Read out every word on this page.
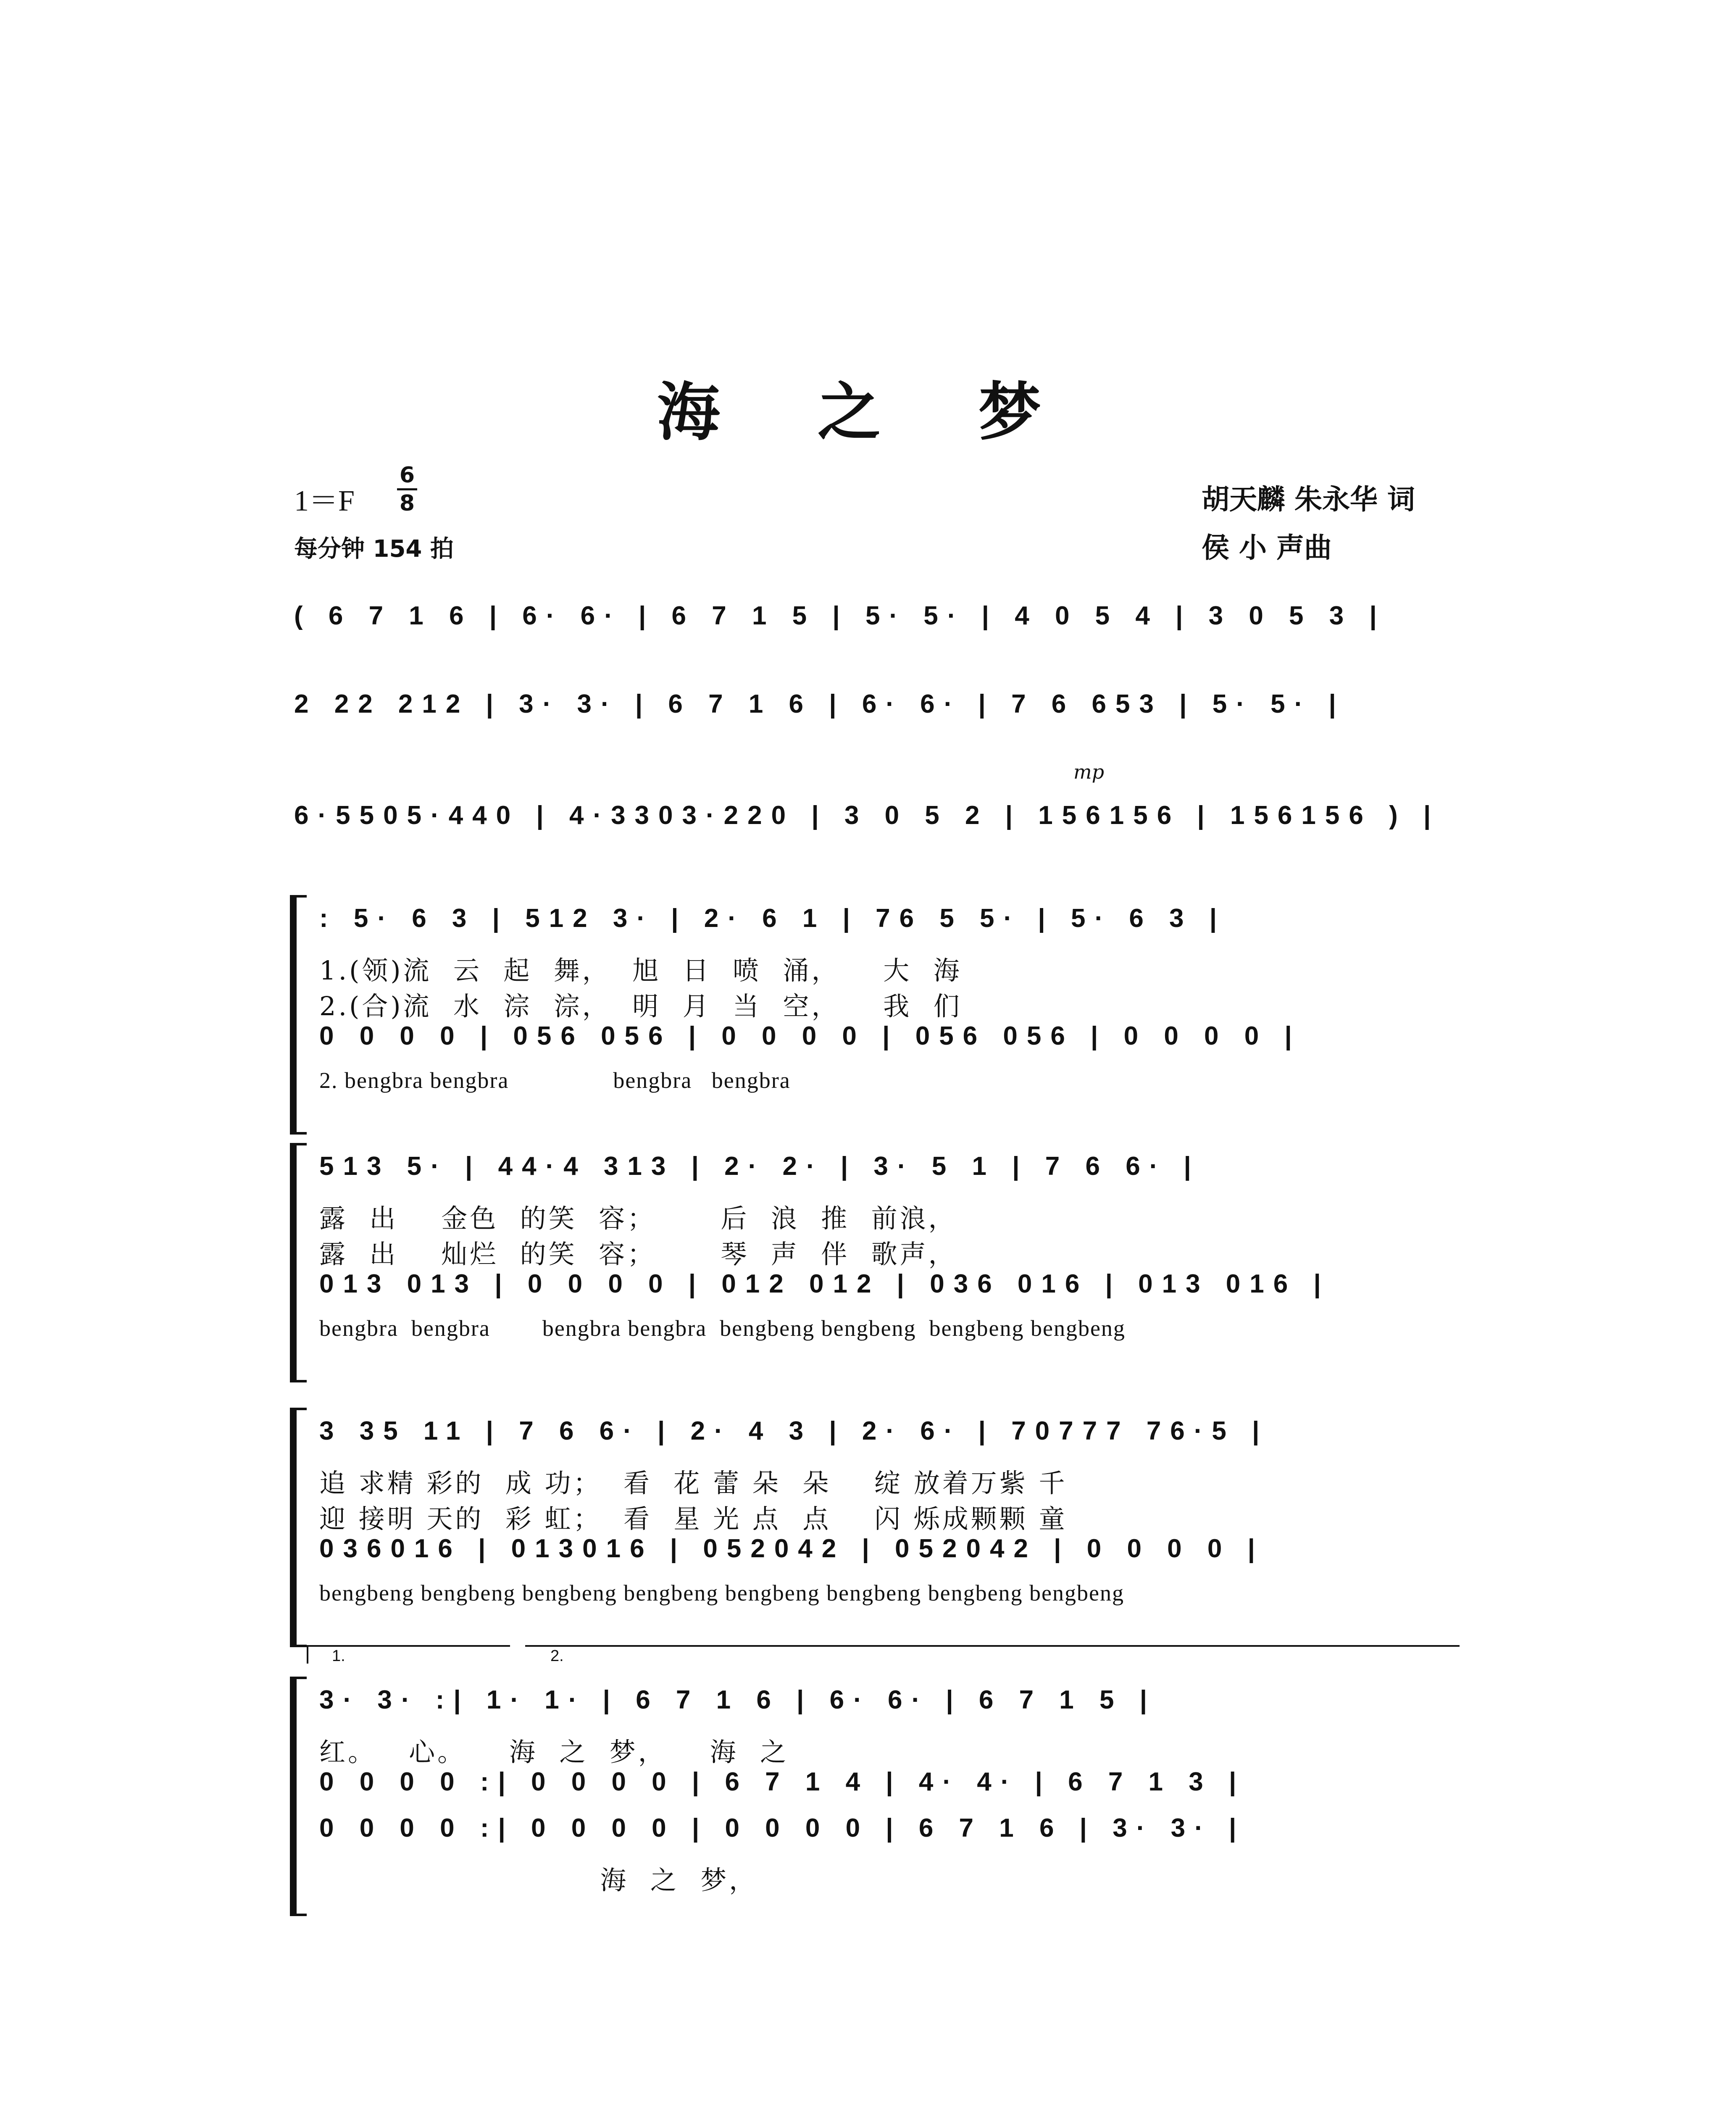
海 之 梦
1＝F
6
8
每分钟 154 拍
胡天麟 朱永华 词
侯 小 声曲
mp
( 6 7 1 6 | 6· 6· | 6 7 1 5 | 5· 5· | 4 0 5 4 | 3 0 5 3 |
2 22 212 | 3· 3· | 6 7 1 6 | 6· 6· | 7 6 653 | 5· 5· |
6·5505·440 | 4·3303·220 | 3 0 5 2 | 156156 | 156156 ) |
: 5· 6 3 | 512 3· | 2· 6 1 | 76 5 5· | 5· 6 3 |
1.(领)流  云  起  舞，  旭  日  喷  涌，    大  海
2.(合)流  水  淙  淙，  明  月  当  空，    我  们
0 0 0 0 | 056 056 | 0 0 0 0 | 056 056 | 0 0 0 0 |
2. bengbra bengbra                bengbra   bengbra
513 5· | 44·4 313 | 2· 2· | 3· 5 1 | 7 6 6· |
露  出    金色  的笑  容；      后  浪  推  前浪，
露  出    灿烂  的笑  容；      琴  声  伴  歌声，
013 013 | 0 0 0 0 | 012 012 | 036 016 | 013 016 |
bengbra  bengbra        bengbra bengbra  bengbeng bengbeng  bengbeng bengbeng
3 35 11 | 7 6 6· | 2· 4 3 | 2· 6· | 70777 76·5 |
追 求精 彩的  成 功；  看  花 蕾 朵  朵    绽 放着万紫 千
迎 接明 天的  彩 虹；  看  星 光 点  点    闪 烁成颗颗 童
036016 | 013016 | 052042 | 052042 | 0 0 0 0 |
bengbeng bengbeng bengbeng bengbeng bengbeng bengbeng bengbeng bengbeng
1.	2.
3· 3· :| 1· 1· | 6 7 1 6 | 6· 6· | 6 7 1 5 |
红。   心。    海  之  梦，    海  之
0 0 0 0 :| 0 0 0 0 | 6 7 1 4 | 4· 4· | 6 7 1 3 |
0 0 0 0 :| 0 0 0 0 | 0 0 0 0 | 6 7 1 6 | 3· 3· |
海  之  梦，
